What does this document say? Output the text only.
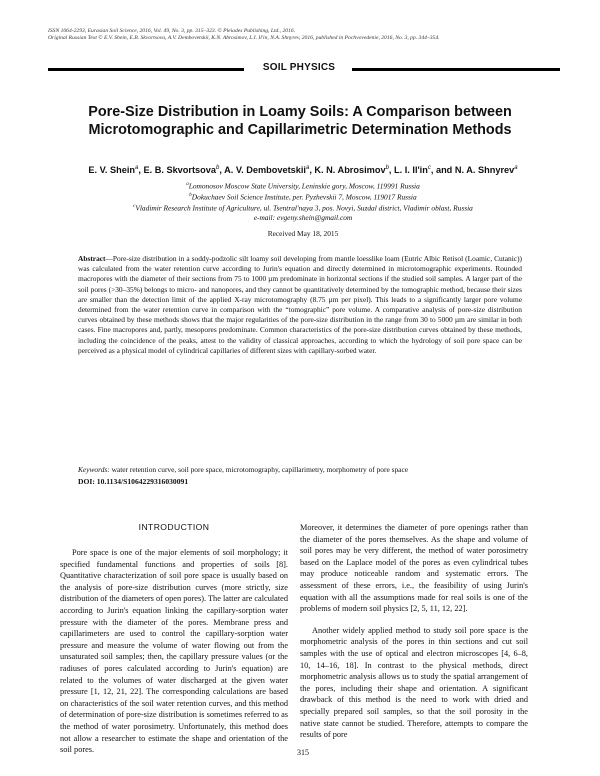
ISSN 1064-2293, Eurasian Soil Science, 2016, Vol. 49, No. 3, pp. 315–323. © Pleiades Publishing, Ltd., 2016.
Original Russian Text © E.V. Shein, E.B. Skvortsova, A.V. Dembovetskii, K.N. Abrosimov, L.I. Il'in, N.A. Shnyrev, 2016, published in Pochvovedenie, 2016, No. 3, pp. 344–354.
SOIL PHYSICS
Pore-Size Distribution in Loamy Soils: A Comparison between Microtomographic and Capillarimetric Determination Methods
E. V. Shein$^a$, E. B. Skvortsova$^b$, A. V. Dembovetskii$^a$, K. N. Abrosimov$^b$, L. I. $Il'in^c$, and N. A. Shnyrev$^a$
$^a$Lomonosov Moscow State University, Leninskie gory, Moscow, 119991 Russia
$^b$Dokuchaev Soil Science Institute, per. Pyzhevskii 7, Moscow, 119017 Russia
$^c$Vladimir Research Institute of Agriculture, ul. Tsentral'naya 3, pos. Novyi, Suzdal district, Vladimir oblast, Russia
e-mail: evgeny.shein@gmail.com
Received May 18, 2015
Abstract—Pore-size distribution in a soddy-podzolic silt loamy soil developing from mantle loesslike loam (Eutric Albic Retisol (Loamic, Cutanic)) was calculated from the water retention curve according to Jurin's equation and directly determined in microtomographic experiments. Rounded macropores with the diameter of their sections from 75 to 1000 µm predominate in horizontal sections if the studied soil samples. A larger part of the soil pores (>30–35%) belongs to micro- and nanopores, and they cannot be quantitatively determined by the tomographic method, because their sizes are smaller than the detection limit of the applied X-ray microtomography (8.75 µm per pixel). This leads to a significantly larger pore volume determined from the water retention curve in comparison with the “tomographic” pore volume. A comparative analysis of pore-size distribution curves obtained by these methods shows that the major regularities of the pore-size distribution in the range from 30 to 5000 µm are similar in both cases. Fine macropores and, partly, mesopores predominate. Common characteristics of the pore-size distribution curves obtained by these methods, including the coincidence of the peaks, attest to the validity of classical approaches, according to which the hydrology of soil pore space can be perceived as a physical model of cylindrical capillaries of different sizes with capillary-sorbed water.
Keywords: water retention curve, soil pore space, microtomography, capillarimetry, morphometry of pore space
DOI: 10.1134/S1064229316030091
INTRODUCTION

Pore space is one of the major elements of soil morphology; it specified fundamental functions and properties of soils [8]. Quantitative characterization of soil pore space is usually based on the analysis of pore-size distribution curves (more strictly, size distribution of the diameters of open pores). The latter are calculated according to Jurin's equation linking the capillary-sorption water pressure with the diameter of the pores. Membrane press and capillarimeters are used to control the capillary-sorption water pressure and measure the volume of water flowing out from the unsaturated soil samples; then, the capillary pressure values (or the radiuses of pores calculated according to Jurin's equation) are related to the volumes of water discharged at the given water pressure [1, 12, 21, 22]. The corresponding calculations are based on characteristics of the soil water retention curves, and this method of determination of pore-size distribution is sometimes referred to as the method of water porosimetry. Unfortunately, this method does not allow a researcher to estimate the shape and orientation of the soil pores.

Moreover, it determines the diameter of pore openings rather than the diameter of the pores themselves. As the shape and volume of soil pores may be very different, the method of water porosimetry based on the Laplace model of the pores as even cylindrical tubes may produce noticeable random and systematic errors. The assessment of these errors, i.e., the feasibility of using Jurin's equation with all the assumptions made for real soils is one of the problems of modern soil physics [2, 5, 11, 12, 22].

Another widely applied method to study soil pore space is the morphometric analysis of the pores in thin sections and cut soil samples with the use of optical and electron microscopes [4, 6–8, 10, 14–16, 18]. In contrast to the physical methods, direct morphometric analysis allows us to study the spatial arrangement of the pores, including their shape and orientation. A significant drawback of this method is the need to work with dried and specially prepared soil samples, so that the soil porosity in the native state cannot be studied. Therefore, attempts to compare the results of pore

315
